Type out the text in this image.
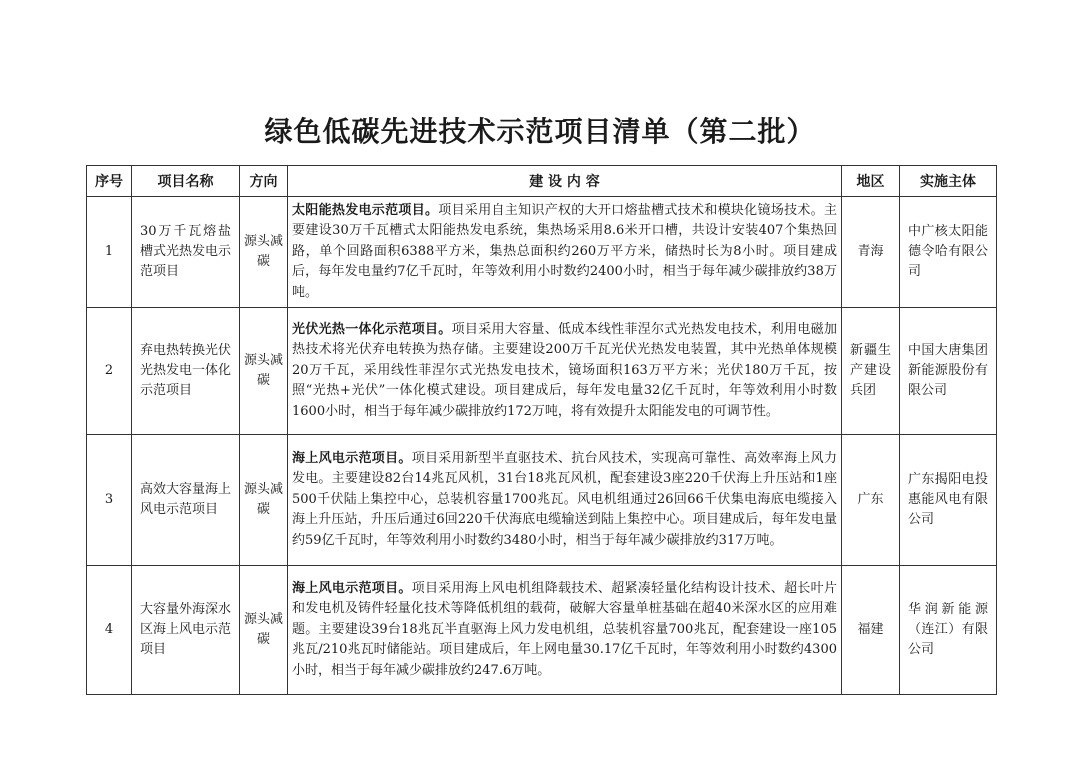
绿色低碳先进技术示范项目清单（第二批）
序号	项目名称	方向	建 设 内 容	地区	实施主体
1	30万千瓦熔盐槽式光热发电示范项目	源头减碳	太阳能热发电示范项目。项目采用自主知识产权的大开口熔盐槽式技术和模块化镜场技术。主要建设30万千瓦槽式太阳能热发电系统，集热场采用8.6米开口槽，共设计安装407个集热回路，单个回路面积6388平方米，集热总面积约260万平方米，储热时长为8小时。项目建成后，每年发电量约7亿千瓦时，年等效利用小时数约2400小时，相当于每年减少碳排放约38万吨。	青海	中广核太阳能德令哈有限公司
2	弃电热转换光伏光热发电一体化示范项目	源头减碳	光伏光热一体化示范项目。项目采用大容量、低成本线性菲涅尔式光热发电技术，利用电磁加热技术将光伏弃电转换为热存储。主要建设200万千瓦光伏光热发电装置，其中光热单体规模20万千瓦，采用线性菲涅尔式光热发电技术，镜场面积163万平方米；光伏180万千瓦，按照“光热+光伏”一体化模式建设。项目建成后，每年发电量32亿千瓦时，年等效利用小时数1600小时，相当于每年减少碳排放约172万吨，将有效提升太阳能发电的可调节性。	新疆生产建设兵团	中国大唐集团新能源股份有限公司
3	高效大容量海上风电示范项目	源头减碳	海上风电示范项目。项目采用新型半直驱技术、抗台风技术，实现高可靠性、高效率海上风力发电。主要建设82台14兆瓦风机，31台18兆瓦风机，配套建设3座220千伏海上升压站和1座500千伏陆上集控中心，总装机容量1700兆瓦。风电机组通过26回66千伏集电海底电缆接入海上升压站，升压后通过6回220千伏海底电缆输送到陆上集控中心。项目建成后，每年发电量约59亿千瓦时，年等效利用小时数约3480小时，相当于每年减少碳排放约317万吨。	广东	广东揭阳电投惠能风电有限公司
4	大容量外海深水区海上风电示范项目	源头减碳	海上风电示范项目。项目采用海上风电机组降载技术、超紧凑轻量化结构设计技术、超长叶片和发电机及铸件轻量化技术等降低机组的载荷，破解大容量单桩基础在超40米深水区的应用难题。主要建设39台18兆瓦半直驱海上风力发电机组，总装机容量700兆瓦，配套建设一座105兆瓦/210兆瓦时储能站。项目建成后，年上网电量30.17亿千瓦时，年等效利用小时数约4300小时，相当于每年减少碳排放约247.6万吨。	福建	华润新能源（连江）有限公司
